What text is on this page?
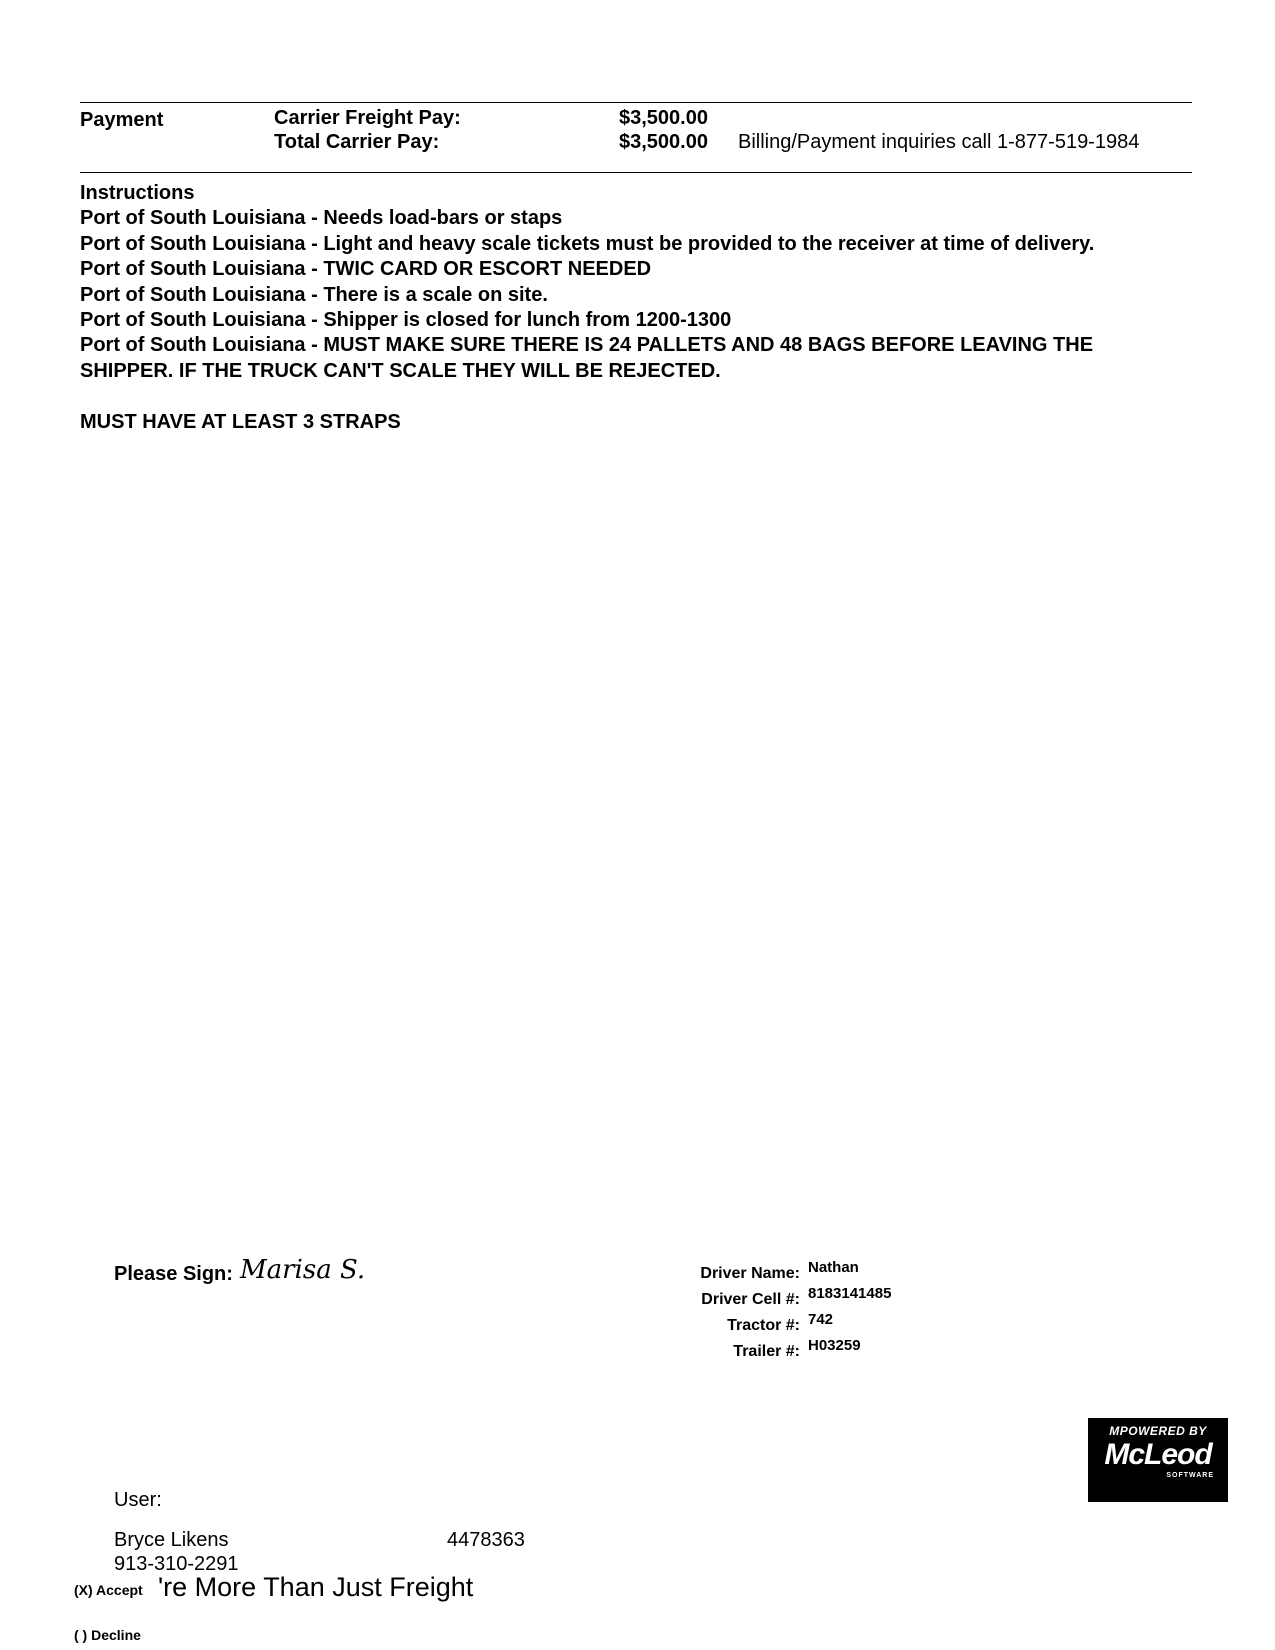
Payment	Carrier Freight Pay:	$3,500.00
Total Carrier Pay:	$3,500.00 Billing/Payment inquiries call 1-877-519-1984
Instructions
Port of South Louisiana - Needs load-bars or staps
Port of South Louisiana - Light and heavy scale tickets must be provided to the receiver at time of delivery.
Port of South Louisiana - TWIC CARD OR ESCORT NEEDED
Port of South Louisiana - There is a scale on site.
Port of South Louisiana - Shipper is closed for lunch from 1200-1300
Port of South Louisiana - MUST MAKE SURE THERE IS 24 PALLETS AND 48 BAGS BEFORE LEAVING THE
SHIPPER. IF THE TRUCK CAN'T SCALE THEY WILL BE REJECTED.
MUST HAVE AT LEAST 3 STRAPS
Please Sign: Marisa S.	Driver Name: Nathan
Driver Cell #: 8183141485
Tractor #: 742
Trailer #: H03259
MPOWERED BY
McLeod
SOFTWARE
User:
Bryce Likens	4478363
913-310-2291
(X) Accept 're More Than Just Freight
( ) Decline
